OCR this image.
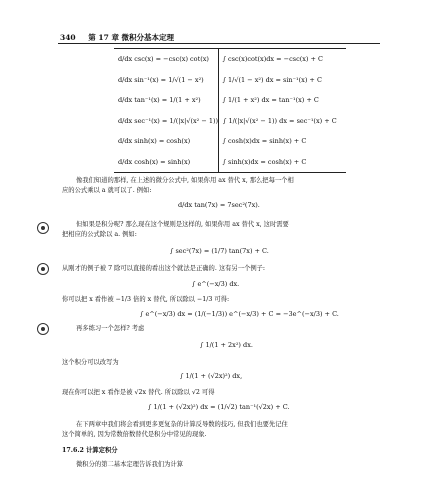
340 第 17 章 微积分基本定理
d/dx csc(x) = −csc(x) cot(x)	∫ csc(x)cot(x)dx = −csc(x) + C
d/dx sin⁻¹(x) = 1/√(1 − x²)	∫ 1/√(1 − x²) dx = sin⁻¹(x) + C
d/dx tan⁻¹(x) = 1/(1 + x²)	∫ 1/(1 + x²) dx = tan⁻¹(x) + C
d/dx sec⁻¹(x) = 1/(|x|√(x² − 1)) ∫ 1/(|x|√(x² − 1)) dx = sec⁻¹(x) + C
d/dx sinh(x) = cosh(x)	∫ cosh(x)dx = sinh(x) + C
d/dx cosh(x) = sinh(x)	∫ sinh(x)dx = cosh(x) + C
像我们知道的那样, 在上述的微分公式中, 如果你用 ax 替代 x, 那么把每一个相
应的公式乘以 a 就可以了. 例如:
d/dx tan(7x) = 7sec²(7x).
但如果是积分呢? 那么现在这个规则是这样的, 如果你用 ax 替代 x, 这时需要
把相应的公式除以 a. 例如:
∫ sec²(7x) = (1/7) tan(7x) + C.
从刚才的例子被 7 除可以直接的看出这个就法是正确的. 这有另一个例子:
∫ e^(−x/3) dx.
你可以把 x 看作被 −1/3 倍的 x 替代, 所以除以 −1/3 可得:
∫ e^(−x/3) dx = (1/(−1/3)) e^(−x/3) + C = −3e^(−x/3) + C.
再多练习一个怎样? 考虑
∫ 1/(1 + 2x²) dx.
这个积分可以改写为
∫ 1/(1 + (√2x)²) dx,
现在你可以把 x 看作是被 √2x 替代. 所以除以 √2 可得
∫ 1/(1 + (√2x)²) dx = (1/√2) tan⁻¹(√2x) + C.
在下两章中我们将会看到更多更复杂的计算反导数的技巧, 但我们也要先记住
这个简单的, 因为常数倍数替代是积分中常见的现象.
17.6.2 计算定积分
微积分的第二基本定理告诉我们为计算
